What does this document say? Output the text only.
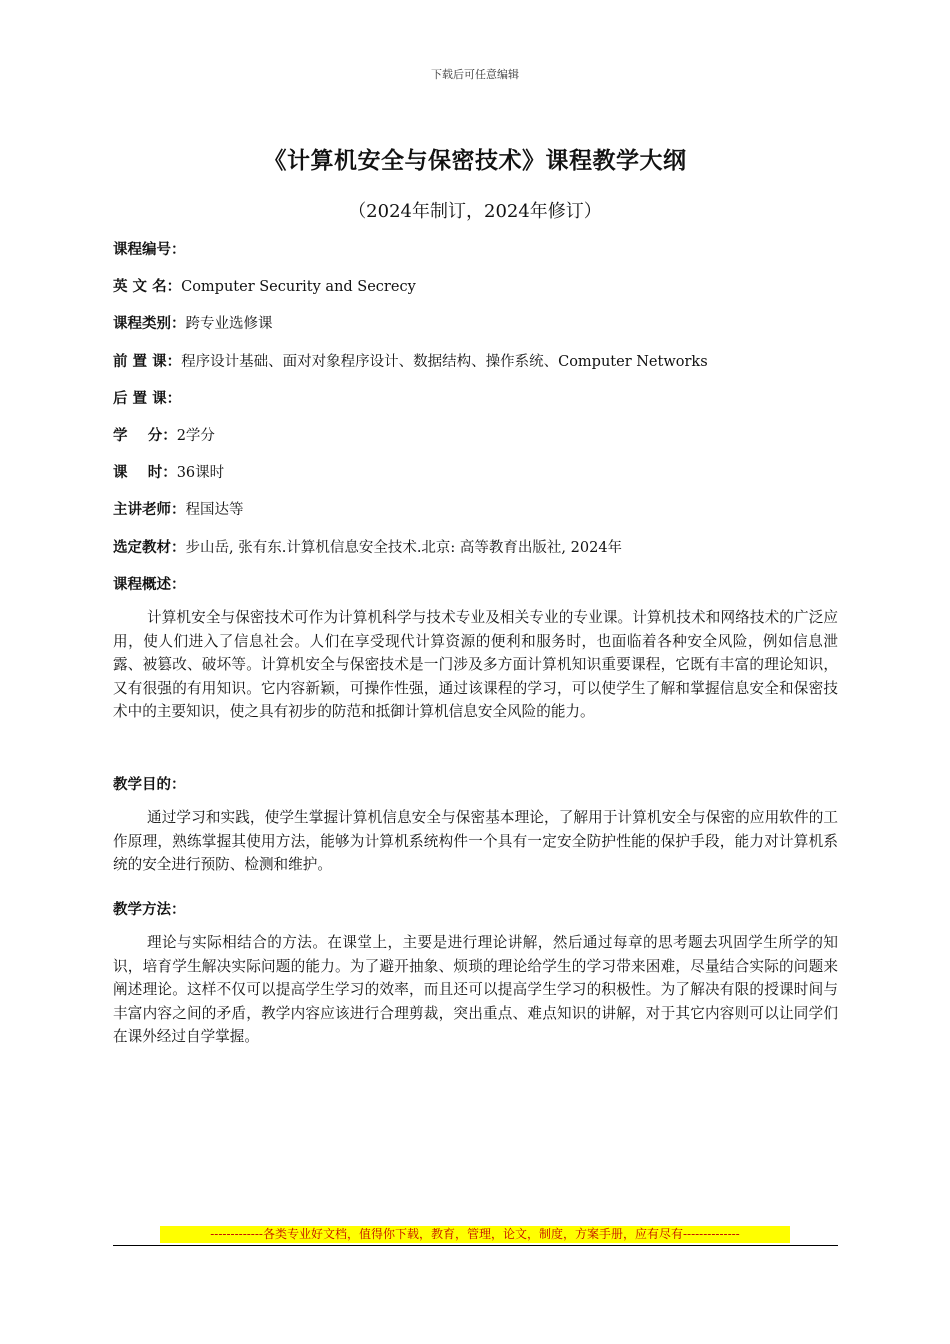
下载后可任意编辑
《计算机安全与保密技术》课程教学大纲
（2024年制订，2024年修订）
课程编号：
英 文 名：Computer Security and Secrecy
课程类别：跨专业选修课
前 置 课：程序设计基础、面对对象程序设计、数据结构、操作系统、Computer Networks
后 置 课：
学    分：2学分
课    时：36课时
主讲老师：程国达等
选定教材：步山岳, 张有东.计算机信息安全技术.北京: 高等教育出版社, 2024年
课程概述：

计算机安全与保密技术可作为计算机科学与技术专业及相关专业的专业课。计算机技术和网络技术的广泛应用，使人们进入了信息社会。人们在享受现代计算资源的便利和服务时，也面临着各种安全风险，例如信息泄露、被篡改、破坏等。计算机安全与保密技术是一门涉及多方面计算机知识重要课程，它既有丰富的理论知识，又有很强的有用知识。它内容新颖，可操作性强，通过该课程的学习，可以使学生了解和掌握信息安全和保密技术中的主要知识，使之具有初步的防范和抵御计算机信息安全风险的能力。

教学目的：

通过学习和实践，使学生掌握计算机信息安全与保密基本理论，了解用于计算机安全与保密的应用软件的工作原理，熟练掌握其使用方法，能够为计算机系统构件一个具有一定安全防护性能的保护手段，能力对计算机系统的安全进行预防、检测和维护。

教学方法：

理论与实际相结合的方法。在课堂上，主要是进行理论讲解，然后通过每章的思考题去巩固学生所学的知识，培育学生解决实际问题的能力。为了避开抽象、烦琐的理论给学生的学习带来困难，尽量结合实际的问题来阐述理论。这样不仅可以提高学生学习的效率，而且还可以提高学生学习的积极性。为了解决有限的授课时间与丰富内容之间的矛盾，教学内容应该进行合理剪裁，突出重点、难点知识的讲解，对于其它内容则可以让同学们在课外经过自学掌握。

-------------各类专业好文档，值得你下载，教育，管理，论文，制度，方案手册，应有尽有--------------
